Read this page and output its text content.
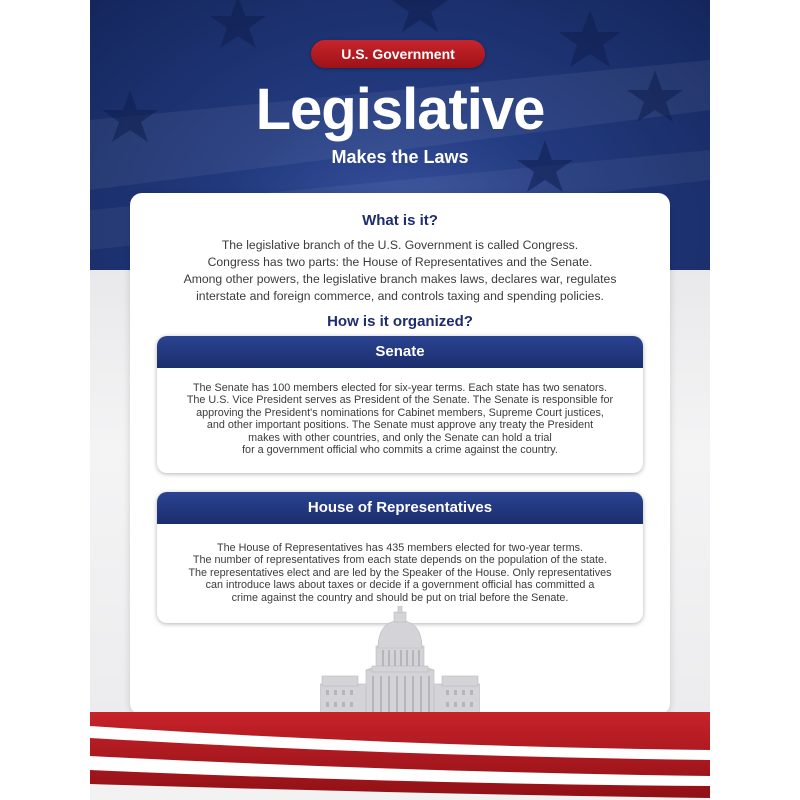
U.S. Government
Legislative
Makes the Laws
What is it?
The legislative branch of the U.S. Government is called Congress.
Congress has two parts: the House of Representatives and the Senate.
Among other powers, the legislative branch makes laws, declares war, regulates
interstate and foreign commerce, and controls taxing and spending policies.
How is it organized?
Senate
The Senate has 100 members elected for six-year terms. Each state has two senators.
The U.S. Vice President serves as President of the Senate. The Senate is responsible for
approving the President's nominations for Cabinet members, Supreme Court justices,
and other important positions. The Senate must approve any treaty the President
makes with other countries, and only the Senate can hold a trial
for a government official who commits a crime against the country.
House of Representatives
The House of Representatives has 435 members elected for two-year terms.
The number of representatives from each state depends on the population of the state.
The representatives elect and are led by the Speaker of the House. Only representatives
can introduce laws about taxes or decide if a government official has committed a
crime against the country and should be put on trial before the Senate.
